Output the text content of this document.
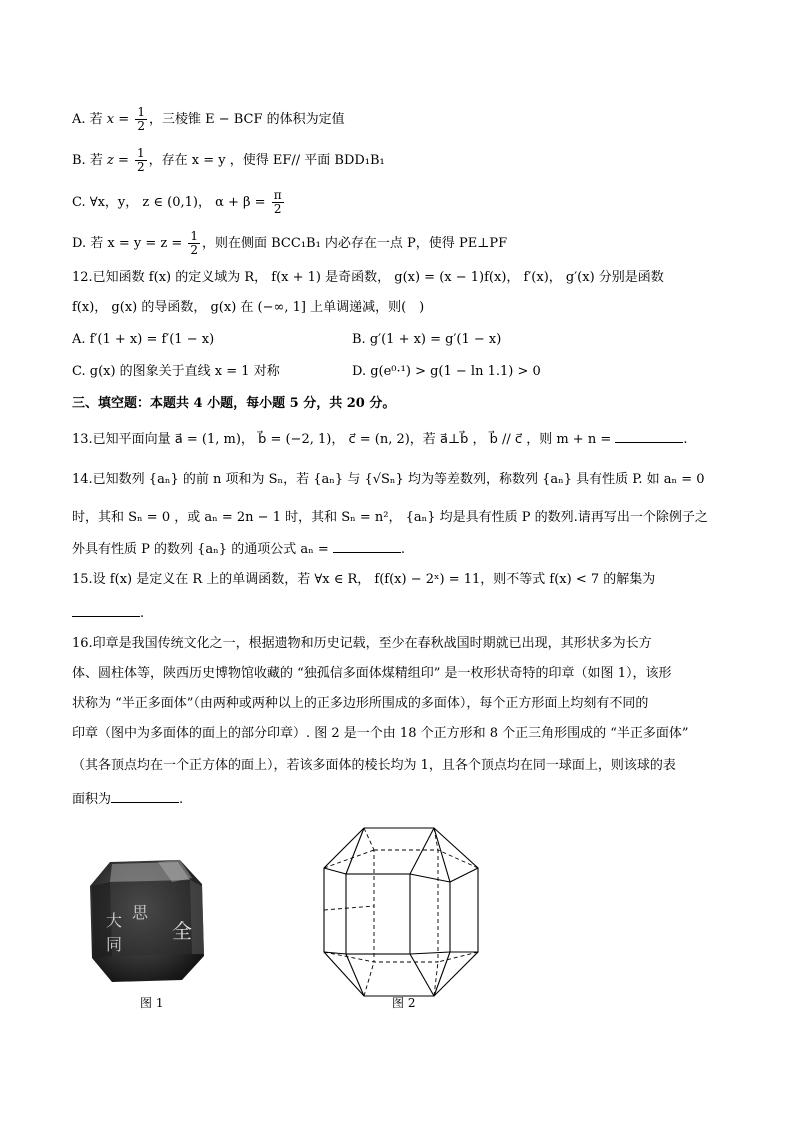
A. 若 $x = \frac{1}{2}$ ，三棱锥 E − BCF 的体积为定值
B. 若 $z = \frac{1}{2}$ ，存在 x = y ，使得 EF// 平面 BDD₁B₁
C. ∀x，y， z ∈ (0,1)， $\alpha + \beta = \frac{\pi}{2}$
D. 若 $x = y = z = \frac{1}{2}$ ，则在侧面 BCC₁B₁ 内必存在一点 P，使得 PE⊥PF
12.已知函数 f(x) 的定义域为 R， f(x + 1) 是奇函数， g(x) = (x − 1)f(x)， f′(x)， g′(x) 分别是函数
f(x)， g(x) 的导函数， g(x) 在 (−∞, 1] 上单调递减，则(　)
A. f′(1 + x) = f′(1 − x)	B. g′(1 + x) = g′(1 − x)
C. g(x) 的图象关于直线 x = 1 对称	D. g(e⁰·¹) > g(1 − ln 1.1) > 0
三、填空题：本题共 4 小题，每小题 5 分，共 20 分。
13.已知平面向量 a⃗ = (1, m)， b⃗ = (−2, 1)， c⃗ = (n, 2)，若 a⃗⊥b⃗ ， b⃗ // c⃗ ，则 m + n =	.
14.已知数列 {aₙ} 的前 n 项和为 Sₙ，若 {aₙ} 与 {√Sₙ} 均为等差数列，称数列 {aₙ} 具有性质 P. 如 aₙ = 0
时，其和 Sₙ = 0 ，或 aₙ = 2n − 1 时，其和 Sₙ = n²， {aₙ} 均是具有性质 P 的数列.请再写出一个除例子之
外具有性质 P 的数列 {aₙ} 的通项公式 aₙ =	.
15.设 f(x) 是定义在 R 上的单调函数，若 ∀x ∈ R， f(f(x) − 2ˣ) = 11，则不等式 f(x) < 7 的解集为
.
16.印章是我国传统文化之一，根据遗物和历史记载，至少在春秋战国时期就已出现，其形状多为长方
体、圆柱体等，陕西历史博物馆收藏的 “独孤信多面体煤精组印” 是一枚形状奇特的印章（如图 1），该形
状称为 “半正多面体”（由两种或两种以上的正多边形所围成的多面体），每个正方形面上均刻有不同的
印章（图中为多面体的面上的部分印章）. 图 2 是一个由 18 个正方形和 8 个正三角形围成的 “半正多面体”
（其各顶点均在一个正方体的面上），若该多面体的棱长均为 1，且各个顶点均在同一球面上，则该球的表
面积为	.
大 思
同
全
图 1	图 2
